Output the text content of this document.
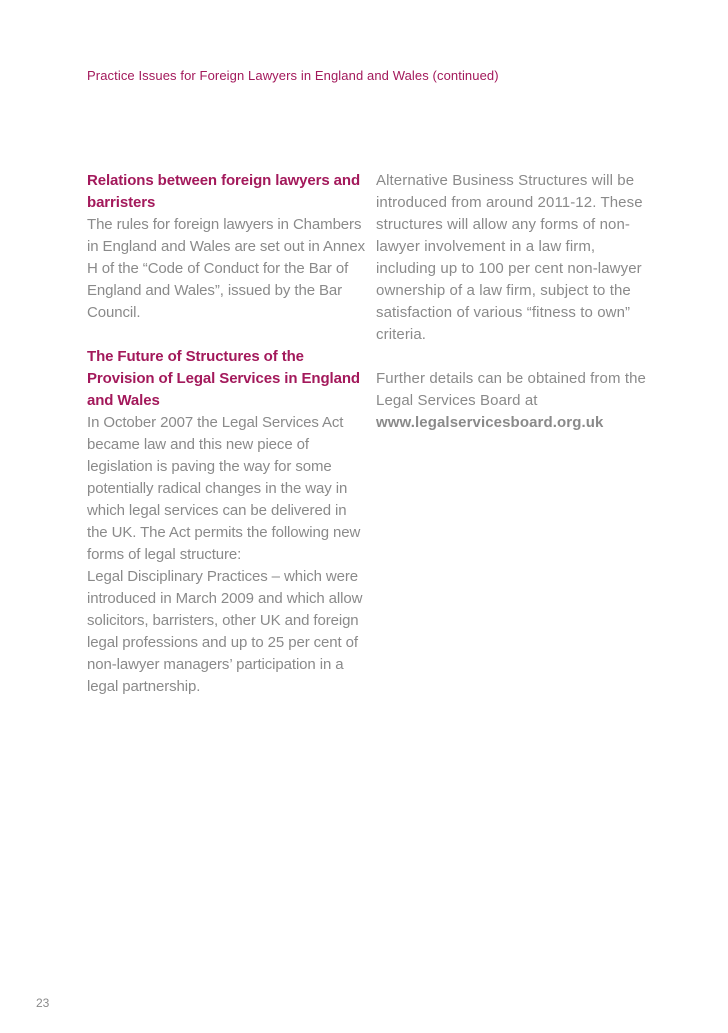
Practice Issues for Foreign Lawyers in England and Wales (continued)

Relations between foreign lawyers and barristers

The rules for foreign lawyers in Chambers in England and Wales are set out in Annex H of the “Code of Conduct for the Bar of England and Wales”, issued by the Bar Council.

The Future of Structures of the Provision of Legal Services in England and Wales

In October 2007 the Legal Services Act became law and this new piece of legislation is paving the way for some potentially radical changes in the way in which legal services can be delivered in the UK. The Act permits the following new forms of legal structure:

Legal Disciplinary Practices – which were introduced in March 2009 and which allow solicitors, barristers, other UK and foreign legal professions and up to 25 per cent of non-lawyer managers’ participation in a legal partnership.

Alternative Business Structures will be introduced from around 2011-12. These structures will allow any forms of non-lawyer involvement in a law firm, including up to 100 per cent non-lawyer ownership of a law firm, subject to the satisfaction of various “fitness to own” criteria.

Further details can be obtained from the Legal Services Board at

www.legalservicesboard.org.uk

23
